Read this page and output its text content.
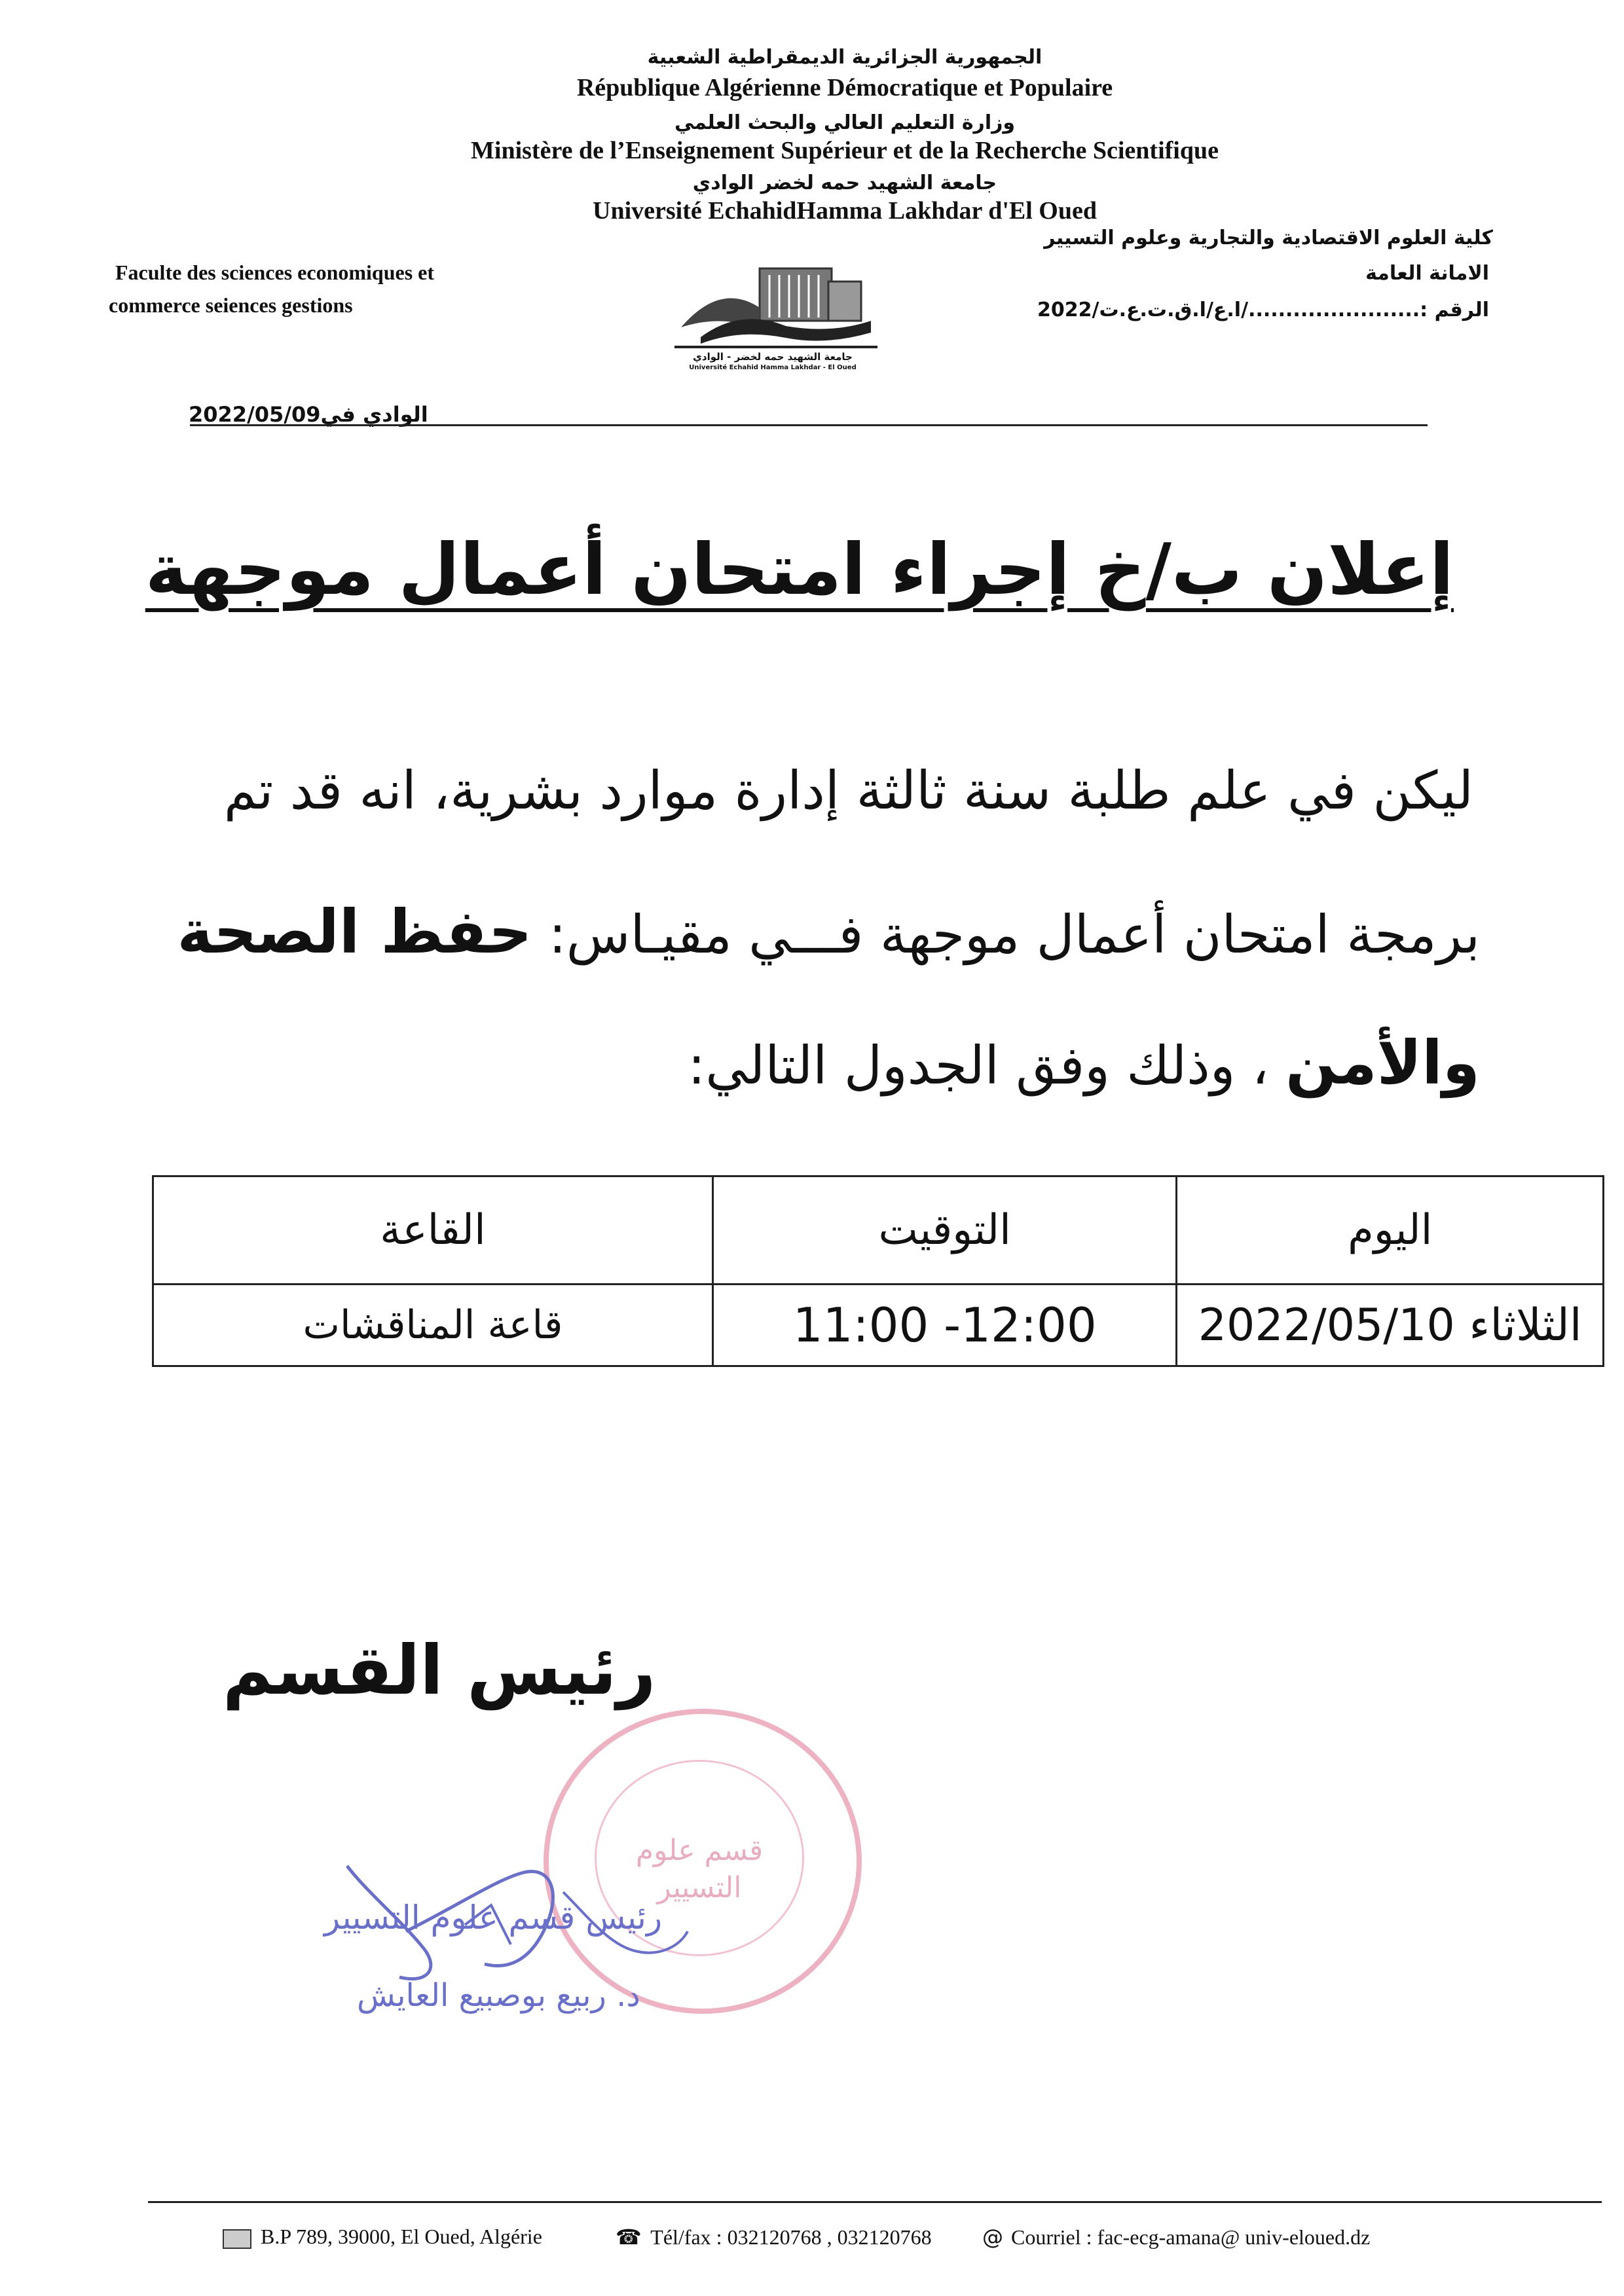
الجمهورية الجزائرية الديمقراطية الشعبية
République Algérienne Démocratique et Populaire
وزارة التعليم العالي والبحث العلمي
Ministère de l’Enseignement Supérieur et de la Recherche Scientifique
جامعة الشهيد حمه لخضر الوادي
Université EchahidHamma Lakhdar d'El Oued
Faculte des sciences economiques et
commerce seiences gestions
كلية العلوم الاقتصادية والتجارية وعلوم التسيير
الامانة العامة
الرقم :......................./ا.ع/ا.ق.ت.ع.ت/2022
جامعة الشهيد حمه لخضر - الوادي
Université Echahid Hamma Lakhdar - El Oued
الوادي في2022/05/09
إعلان ب/خ إجراء امتحان أعمال موجهة
ليكن في علم طلبة سنة ثالثة إدارة موارد بشرية، انه قد تم
برمجة امتحان أعمال موجهة فـــي مقيـاس: حفظ الصحة
والأمن ، وذلك وفق الجدول التالي:
القاعة	التوقيت	اليوم
قاعة المناقشات	11:00 -12:00	الثلاثاء 2022/05/10
رئيس القسم
قسم علوم التسيير
رئيس قسم علوم التسيير
د. ربيع بوصبيع العايش
B.P 789, 39000, El Oued, Algérie	☎ Tél/fax : 032120768 , 032120768 @ Courriel : fac-ecg-amana@ univ-eloued.dz
